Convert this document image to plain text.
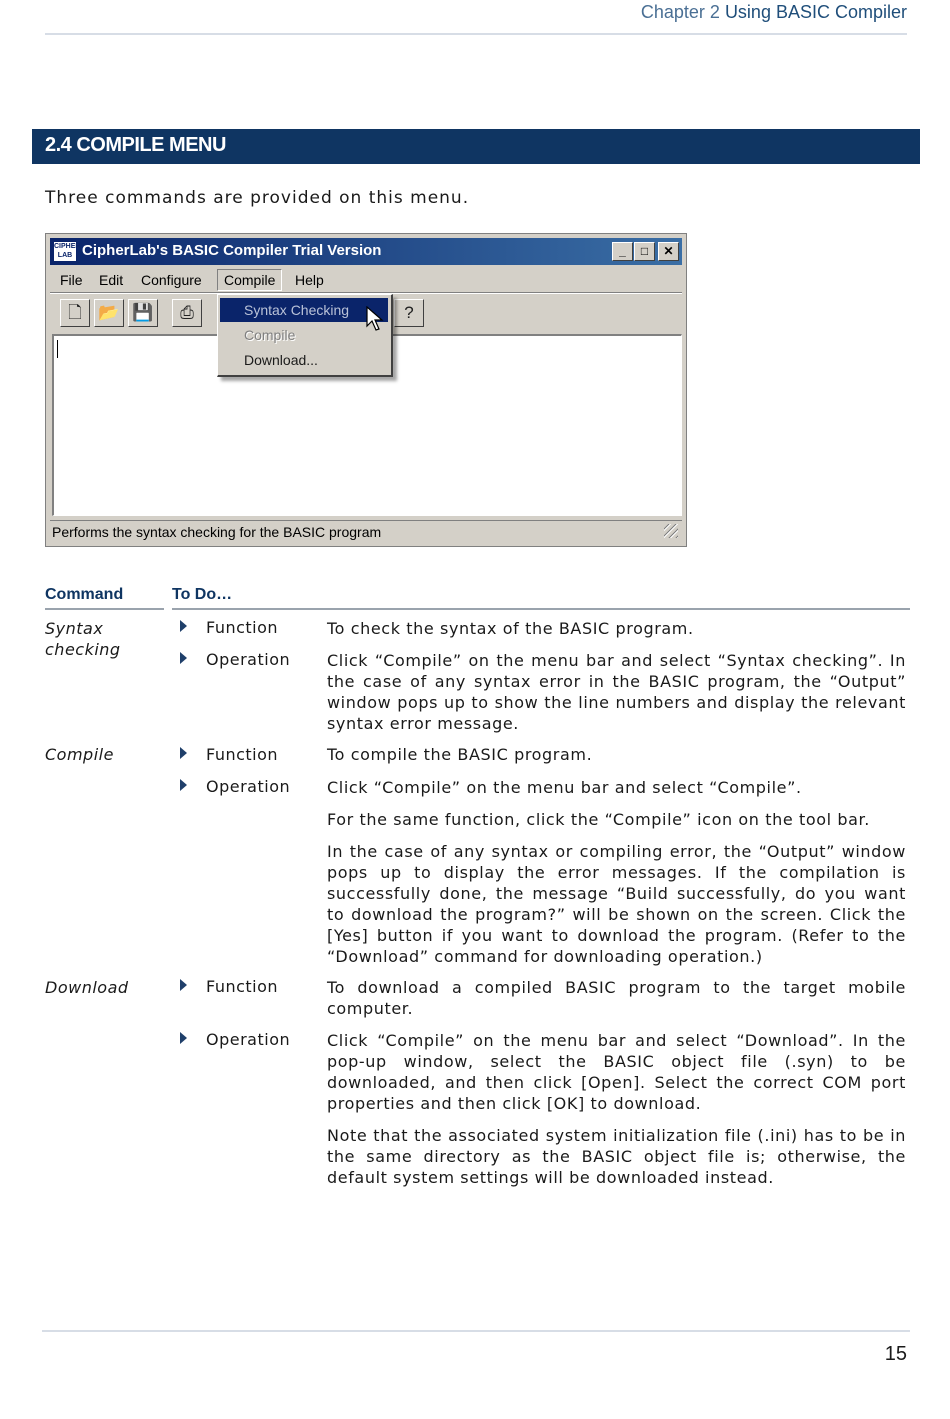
Chapter 2 Using BASIC Compiler
2.4 COMPILE MENU
Three commands are provided on this menu.
CIPHER LAB CipherLab's BASIC Compiler Trial Version	_	□	✕
File	Edit	Configure	Compile	Help
🗋 📂 💾	⎙	?
Performs the syntax checking for the BASIC program
Syntax Checking
Compile
Download...
Command	To Do…
Syntax checking
Function	To check the syntax of the BASIC program.
Operation Click “Compile” on the menu bar and select “Syntax checking”. In the case of any syntax error in the BASIC program, the “Output” window pops up to show the line numbers and display the relevant syntax error message.
Compile	Function	To compile the BASIC program.
Operation Click “Compile” on the menu bar and select “Compile”.
For the same function, click the “Compile” icon on the tool bar.
In the case of any syntax or compiling error, the “Output” window pops up to display the error messages. If the compilation is successfully done, the message “Build successfully, do you want to download the program?” will be shown on the screen. Click the [Yes] button if you want to download the program. (Refer to the “Download” command for downloading operation.)
Download	Function	To download a compiled BASIC program to the target mobile computer.
Operation Click “Compile” on the menu bar and select “Download”. In the pop-up window, select the BASIC object file (.syn) to be downloaded, and then click [Open]. Select the correct COM port properties and then click [OK] to download.
Note that the associated system initialization file (.ini) has to be in the same directory as the BASIC object file is; otherwise, the default system settings will be downloaded instead.
15
